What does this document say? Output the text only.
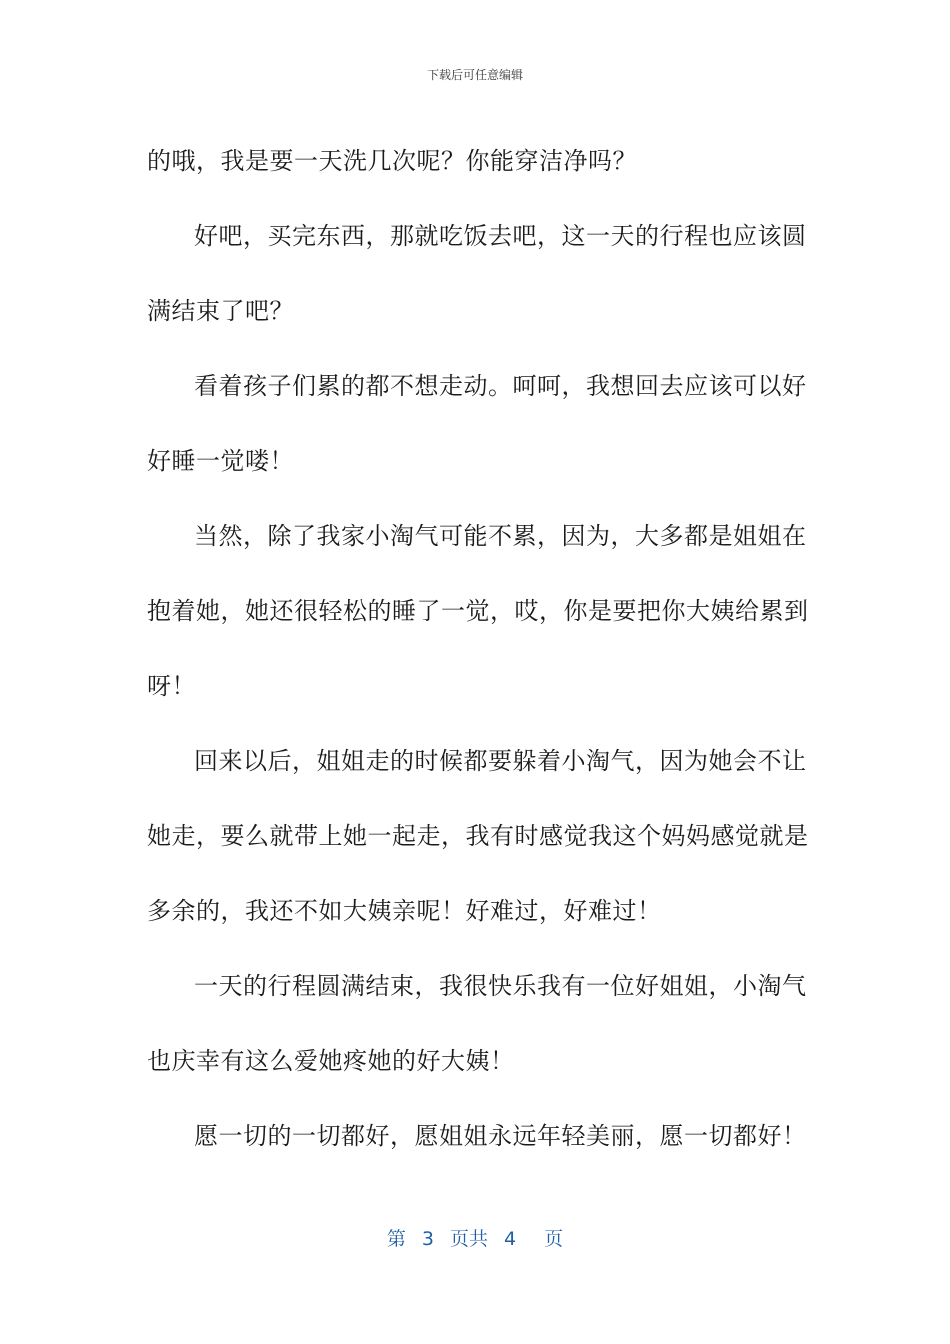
下载后可任意编辑
的哦，我是要一天洗几次呢？你能穿洁净吗？
好吧，买完东西，那就吃饭去吧，这一天的行程也应该圆
满结束了吧？
看着孩子们累的都不想走动。呵呵，我想回去应该可以好
好睡一觉喽！
当然，除了我家小淘气可能不累，因为，大多都是姐姐在
抱着她，她还很轻松的睡了一觉，哎，你是要把你大姨给累到
呀！
回来以后，姐姐走的时候都要躲着小淘气，因为她会不让
她走，要么就带上她一起走，我有时感觉我这个妈妈感觉就是
多余的，我还不如大姨亲呢！好难过，好难过！
一天的行程圆满结束，我很快乐我有一位好姐姐，小淘气
也庆幸有这么爱她疼她的好大姨！
愿一切的一切都好，愿姐姐永远年轻美丽，愿一切都好！
第 3 页共 4 页
